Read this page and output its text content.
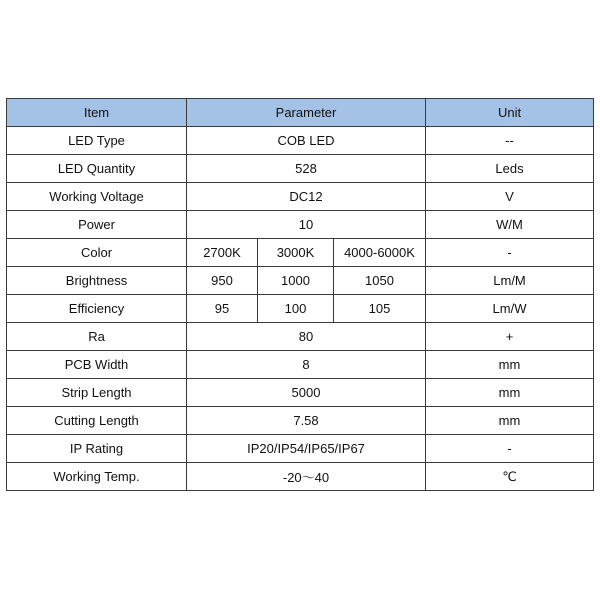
Item	Parameter			Unit
LED Type	COB LED			--
LED Quantity	528			Leds
Working Voltage	DC12			V
Power	10			W/M
Color	2700K	3000K	4000-6000K	-
Brightness	950	1000	1050	Lm/M
Efficiency	95	100	105	Lm/W
Ra	80			+
PCB Width	8			mm
Strip Length	5000			mm
Cutting Length	7.58			mm
IP Rating	IP20/IP54/IP65/IP67			-
Working Temp.	-20～40			℃
